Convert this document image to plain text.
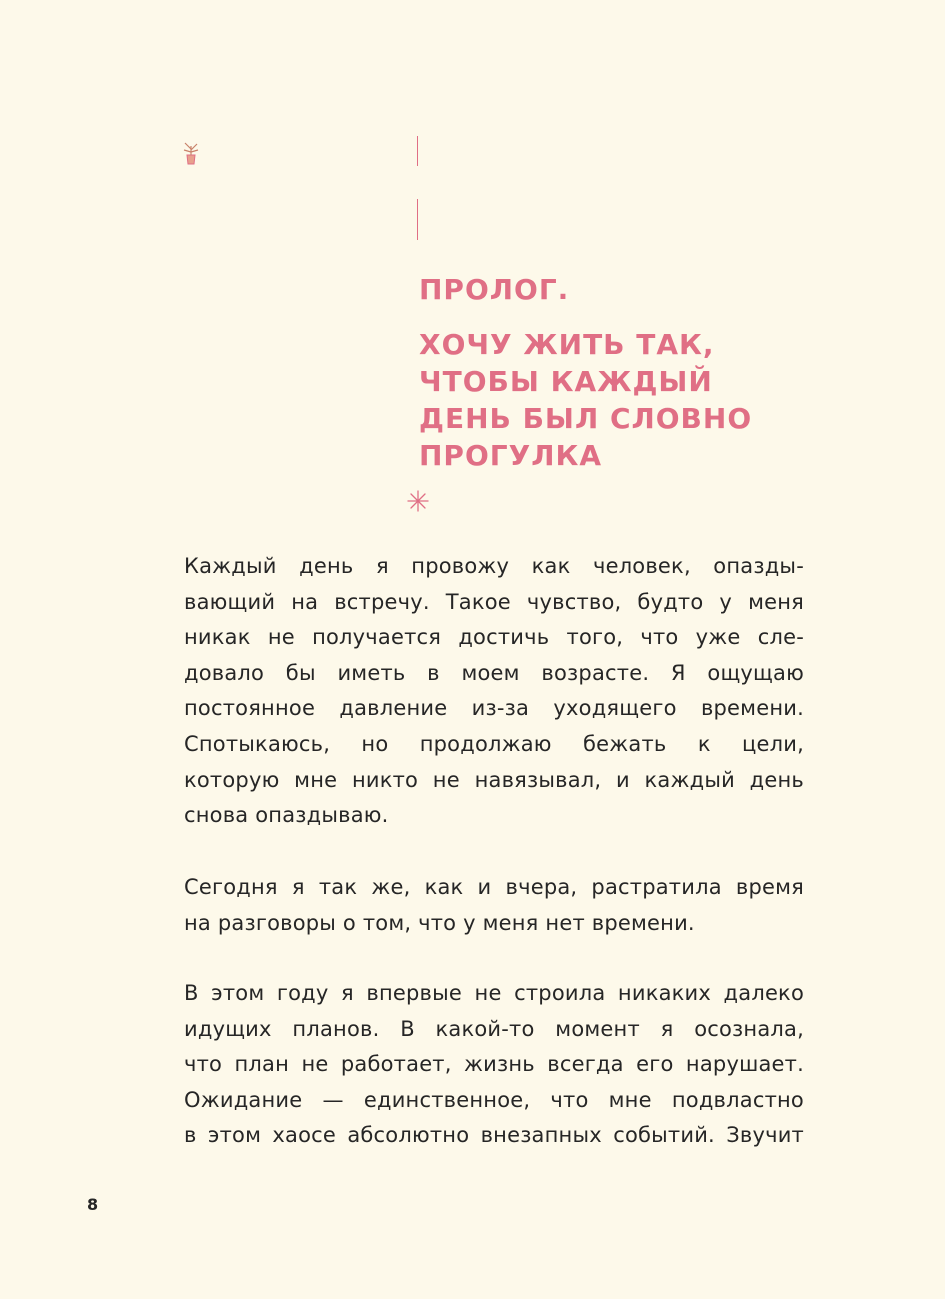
ПРОЛОГ.
ХОЧУ ЖИТЬ ТАК,
ЧТОБЫ КАЖДЫЙ
ДЕНЬ БЫЛ СЛОВНО
ПРОГУЛКА
Каждый день я провожу как человек, опазды-
вающий на встречу. Такое чувство, будто у меня
никак не получается достичь того, что уже сле-
довало бы иметь в моем возрасте. Я ощущаю
постоянное давление из-за уходящего времени.
Спотыкаюсь, но продолжаю бежать к цели,
которую мне никто не навязывал, и каждый день
снова опаздываю.
Сегодня я так же, как и вчера, растратила время
на разговоры о том, что у меня нет времени.
В этом году я впервые не строила никаких далеко
идущих планов. В какой-то момент я осознала,
что план не работает, жизнь всегда его нарушает.
Ожидание — единственное, что мне подвластно
в этом хаосе абсолютно внезапных событий. Звучит
8
